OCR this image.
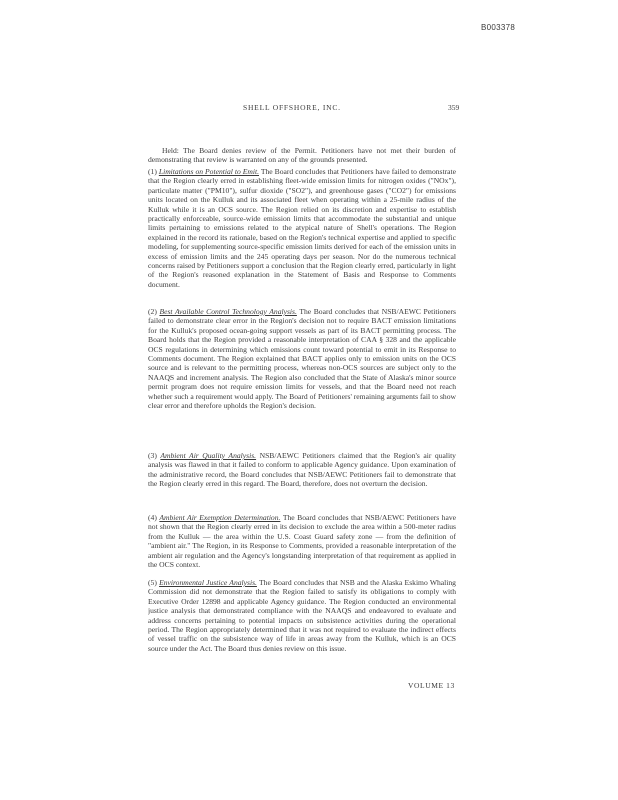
B003378
SHELL OFFSHORE, INC.	359
Held: The Board denies review of the Permit. Petitioners have not met their burden of demonstrating that review is warranted on any of the grounds presented.
(1) Limitations on Potential to Emit. The Board concludes that Petitioners have failed to demonstrate that the Region clearly erred in establishing fleet-wide emission limits for nitrogen oxides ("NOx"), particulate matter ("PM10"), sulfur dioxide ("SO2"), and greenhouse gases ("CO2") for emissions units located on the Kulluk and its associated fleet when operating within a 25-mile radius of the Kulluk while it is an OCS source. The Region relied on its discretion and expertise to establish practically enforceable, source-wide emission limits that accommodate the substantial and unique limits pertaining to emissions related to the atypical nature of Shell's operations. The Region explained in the record its rationale, based on the Region's technical expertise and applied to specific modeling, for supplementing source-specific emission limits derived for each of the emission units in excess of emission limits and the 245 operating days per season. Nor do the numerous technical concerns raised by Petitioners support a conclusion that the Region clearly erred, particularly in light of the Region's reasoned explanation in the Statement of Basis and Response to Comments document.
(2) Best Available Control Technology Analysis. The Board concludes that NSB/AEWC Petitioners failed to demonstrate clear error in the Region's decision not to require BACT emission limitations for the Kulluk's proposed ocean-going support vessels as part of its BACT permitting process. The Board holds that the Region provided a reasonable interpretation of CAA § 328 and the applicable OCS regulations in determining which emissions count toward potential to emit in its Response to Comments document. The Region explained that BACT applies only to emission units on the OCS source and is relevant to the permitting process, whereas non-OCS sources are subject only to the NAAQS and increment analysis. The Region also concluded that the State of Alaska's minor source permit program does not require emission limits for vessels, and that the Board need not reach whether such a requirement would apply. The Board of Petitioners' remaining arguments fail to show clear error and therefore upholds the Region's decision.
(3) Ambient Air Quality Analysis. NSB/AEWC Petitioners claimed that the Region's air quality analysis was flawed in that it failed to conform to applicable Agency guidance. Upon examination of the administrative record, the Board concludes that NSB/AEWC Petitioners fail to demonstrate that the Region clearly erred in this regard. The Board, therefore, does not overturn the decision.
(4) Ambient Air Exemption Determination. The Board concludes that NSB/AEWC Petitioners have not shown that the Region clearly erred in its decision to exclude the area within a 500-meter radius from the Kulluk — the area within the U.S. Coast Guard safety zone — from the definition of "ambient air." The Region, in its Response to Comments, provided a reasonable interpretation of the ambient air regulation and the Agency's longstanding interpretation of that requirement as applied in the OCS context.
(5) Environmental Justice Analysis. The Board concludes that NSB and the Alaska Eskimo Whaling Commission did not demonstrate that the Region failed to satisfy its obligations to comply with Executive Order 12898 and applicable Agency guidance. The Region conducted an environmental justice analysis that demonstrated compliance with the NAAQS and endeavored to evaluate and address concerns pertaining to potential impacts on subsistence activities during the operational period. The Region appropriately determined that it was not required to evaluate the indirect effects of vessel traffic on the subsistence way of life in areas away from the Kulluk, which is an OCS source under the Act. The Board thus denies review on this issue.
VOLUME 13
